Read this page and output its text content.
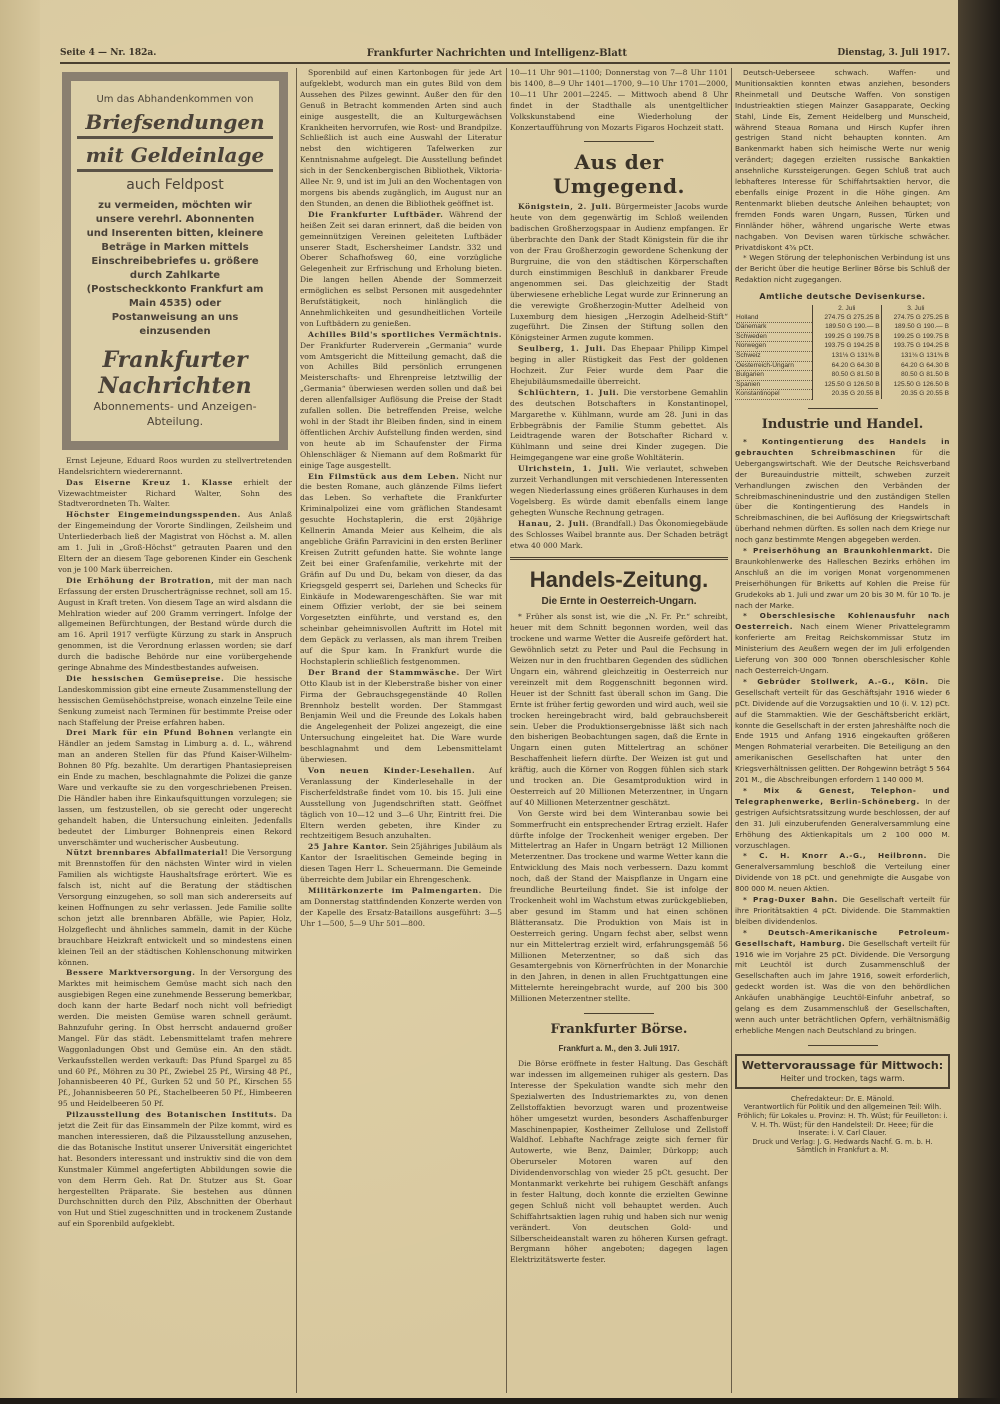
Seite 4 — Nr. 182a.	Frankfurter Nachrichten und Intelligenz-Blatt	Dienstag, 3. Juli 1917.
Um das Abhandenkommen von
Briefsendungen
mit Geldeinlage
auch Feldpost
zu vermeiden, möchten wir unsere verehrl. Abonnenten und Inserenten bitten, kleinere Beträge in Marken mittels Einschreibebriefes u. größere durch Zahlkarte (Postscheckkonto Frankfurt am Main 4535) oder Postanweisung an uns einzusenden
Frankfurter Nachrichten
Abonnements- und Anzeigen-Abteilung.

Ernst Lejeune, Eduard Roos wurden zu stellvertretenden Handelsrichtern wiederernannt.

Das Eiserne Kreuz 1. Klasse erhielt der Vizewachtmeister Richard Walter, Sohn des Stadtverordneten Th. Walter.

Höchster Eingemeindungsspenden. Aus Anlaß der Eingemeindung der Vororte Sindlingen, Zeilsheim und Unterliederbach ließ der Magistrat von Höchst a. M. allen am 1. Juli in „Groß-Höchst“ getrauten Paaren und den Eltern der an diesem Tage geborenen Kinder ein Geschenk von je 100 Mark überreichen.

Die Erhöhung der Brotration, mit der man nach Erfassung der ersten Druscherträgnisse rechnet, soll am 15. August in Kraft treten. Von diesem Tage an wird alsdann die Mehlration wieder auf 200 Gramm verringert. Infolge der allgemeinen Befürchtungen, der Bestand würde durch die am 16. April 1917 verfügte Kürzung zu stark in Anspruch genommen, ist die Verordnung erlassen worden; sie darf durch die badische Behörde nur eine vorübergehende geringe Abnahme des Mindestbestandes aufweisen.

Die hessischen Gemüsepreise. Die hessische Landeskommission gibt eine erneute Zusammenstellung der hessischen Gemüsehöchstpreise, wonach einzelne Teile eine Senkung zumeist nach Terminen für bestimmte Preise oder nach Staffelung der Preise erfahren haben.

Drei Mark für ein Pfund Bohnen verlangte ein Händler an jedem Samstag in Limburg a. d. L., während man an anderen Stellen für das Pfund Kaiser-Wilhelm-Bohnen 80 Pfg. bezahlte. Um derartigen Phantasiepreisen ein Ende zu machen, beschlagnahmte die Polizei die ganze Ware und verkaufte sie zu den vorgeschriebenen Preisen. Die Händler haben ihre Einkaufsquittungen vorzulegen; sie lassen, um festzustellen, ob sie gerecht oder ungerecht gehandelt haben, die Untersuchung einleiten. Jedenfalls bedeutet der Limburger Bohnenpreis einen Rekord unverschämter und wucherischer Ausbeutung.

Nützt brennbares Abfallmaterial! Die Versorgung mit Brennstoffen für den nächsten Winter wird in vielen Familien als wichtigste Haushaltsfrage erörtert. Wie es falsch ist, nicht auf die Beratung der städtischen Versorgung einzugehen, so soll man sich andererseits auf keinen Hoffnungen zu sehr verlassen. Jede Familie sollte schon jetzt alle brennbaren Abfälle, wie Papier, Holz, Holzgeflecht und ähnliches sammeln, damit in der Küche brauchbare Heizkraft entwickelt und so mindestens einen kleinen Teil an der städtischen Kohlenschonung mitwirken können.

Bessere Marktversorgung. In der Versorgung des Marktes mit heimischem Gemüse macht sich nach den ausgiebigen Regen eine zunehmende Besserung bemerkbar, doch kann der harte Bedarf noch nicht voll befriedigt werden. Die meisten Gemüse waren schnell geräumt. Bahnzufuhr gering. In Obst herrscht andauernd großer Mangel. Für das städt. Lebensmittelamt trafen mehrere Waggonladungen Obst und Gemüse ein. An den städt. Verkaufsstellen werden verkauft: Das Pfund Spargel zu 85 und 60 Pf., Möhren zu 30 Pf., Zwiebel 25 Pf., Wirsing 48 Pf., Johannisbeeren 40 Pf., Gurken 52 und 50 Pf., Kirschen 55 Pf., Johannisbeeren 50 Pf., Stachelbeeren 50 Pf., Himbeeren 95 und Heidelbeeren 50 Pf.

Pilzausstellung des Botanischen Instituts. Da jetzt die Zeit für das Einsammeln der Pilze kommt, wird es manchen interessieren, daß die Pilzausstellung anzusehen, die das Botanische Institut unserer Universität eingerichtet hat. Besonders interessant und instruktiv sind die von dem Kunstmaler Kümmel angefertigten Abbildungen sowie die von dem Herrn Geh. Rat Dr. Stutzer aus St. Goar hergestellten Präparate. Sie bestehen aus dünnen Durchschnitten durch den Pilz, Abschnitten der Oberhaut von Hut und Stiel zugeschnitten und in trockenem Zustande auf ein Sporenbild aufgeklebt.

Sporenbild auf einen Kartonbogen für jede Art aufgeklebt, wodurch man ein gutes Bild von dem Aussehen des Pilzes gewinnt. Außer den für den Genuß in Betracht kommenden Arten sind auch einige ausgestellt, die an Kulturgewächsen Krankheiten hervorrufen, wie Rost- und Brandpilze. Schließlich ist auch eine Auswahl der Literatur nebst den wichtigeren Tafelwerken zur Kenntnisnahme aufgelegt. Die Ausstellung befindet sich in der Senckenbergischen Bibliothek, Viktoria-Allee Nr. 9, und ist im Juli an den Wochentagen von morgens bis abends zugänglich, im August nur an den Stunden, an denen die Bibliothek geöffnet ist.

Die Frankfurter Luftbäder. Während der heißen Zeit sei daran erinnert, daß die beiden von gemeinnützigen Vereinen geleiteten Luftbäder unserer Stadt, Eschersheimer Landstr. 332 und Oberer Schafhofsweg 60, eine vorzügliche Gelegenheit zur Erfrischung und Erholung bieten. Die langen hellen Abende der Sommerzeit ermöglichen es selbst Personen mit ausgedehnter Berufstätigkeit, noch hinlänglich die Annehmlichkeiten und gesundheitlichen Vorteile von Luftbädern zu genießen.

Achilles Bild's sportliches Vermächtnis. Der Frankfurter Ruderverein „Germania“ wurde vom Amtsgericht die Mitteilung gemacht, daß die von Achilles Bild persönlich errungenen Meisterschafts- und Ehrenpreise letztwillig der „Germania“ überwiesen werden sollen und daß bei deren allenfallsiger Auflösung die Preise der Stadt zufallen sollen. Die betreffenden Preise, welche wohl in der Stadt ihr Bleiben finden, sind in einem öffentlichen Archiv Aufstellung finden werden, sind von heute ab im Schaufenster der Firma Ohlenschläger & Niemann auf dem Roßmarkt für einige Tage ausgestellt.

Ein Filmstück aus dem Leben. Nicht nur die besten Romane, auch glänzende Films liefert das Leben. So verhaftete die Frankfurter Kriminalpolizei eine vom gräflichen Standesamt gesuchte Hochstaplerin, die erst 20jährige Kellnerin Amanda Meier aus Kelheim, die als angebliche Gräfin Parravicini in den ersten Berliner Kreisen Zutritt gefunden hatte. Sie wohnte lange Zeit bei einer Grafenfamilie, verkehrte mit der Gräfin auf Du und Du, bekam von dieser, da das Kriegsgeld gesperrt sei, Darlehen und Schecks für Einkäufe in Modewarengeschäften. Sie war mit einem Offizier verlobt, der sie bei seinem Vorgesetzten einführte, und verstand es, den scheinbar geheimnisvollen Auftritt im Hotel mit dem Gepäck zu verlassen, als man ihrem Treiben auf die Spur kam. In Frankfurt wurde die Hochstaplerin schließlich festgenommen.

Der Brand der Stammwäsche. Der Wirt Otto Klaub ist in der Kleberstraße bisher von einer Firma der Gebrauchsgegenstände 40 Rollen Brennholz bestellt worden. Der Stammgast Benjamin Weil und die Freunde des Lokals haben die Angelegenheit der Polizei angezeigt, die eine Untersuchung eingeleitet hat. Die Ware wurde beschlagnahmt und dem Lebensmittelamt überwiesen.

Von neuen Kinder-Lesehallen. Auf Veranlassung der Kinderlesehalle in der Fischerfeldstraße findet vom 10. bis 15. Juli eine Ausstellung von Jugendschriften statt. Geöffnet täglich von 10—12 und 3—6 Uhr, Eintritt frei. Die Eltern werden gebeten, ihre Kinder zu rechtzeitigem Besuch anzuhalten.

25 Jahre Kantor. Sein 25jähriges Jubiläum als Kantor der Israelitischen Gemeinde beging in diesen Tagen Herr L. Scheuermann. Die Gemeinde überreichte dem Jubilar ein Ehrengeschenk.

Militärkonzerte im Palmengarten. Die am Donnerstag stattfindenden Konzerte werden von der Kapelle des Ersatz-Bataillons ausgeführt: 3—5 Uhr 1—500, 5—9 Uhr 501—800.

10—11 Uhr 901—1100; Donnerstag von 7—8 Uhr 1101 bis 1400, 8—9 Uhr 1401—1700, 9—10 Uhr 1701—2000, 10—11 Uhr 2001—2245. — Mittwoch abend 8 Uhr findet in der Stadthalle als unentgeltlicher Volkskunstabend eine Wiederholung der Konzertaufführung von Mozarts Figaros Hochzeit statt.

Aus der Umgegend.

Königstein, 2. Juli. Bürgermeister Jacobs wurde heute von dem gegenwärtig im Schloß weilenden badischen Großherzogspaar in Audienz empfangen. Er überbrachte den Dank der Stadt Königstein für die ihr von der Frau Großherzogin gewordene Schenkung der Burgruine, die von den städtischen Körperschaften durch einstimmigen Beschluß in dankbarer Freude angenommen sei. Das gleichzeitig der Stadt überwiesene erhebliche Legat wurde zur Erinnerung an die verewigte Großherzogin-Mutter Adelheid von Luxemburg dem hiesigen „Herzogin Adelheid-Stift“ zugeführt. Die Zinsen der Stiftung sollen den Königsteiner Armen zugute kommen.

Seulberg, 1. Juli. Das Ehepaar Philipp Kimpel beging in aller Rüstigkeit das Fest der goldenen Hochzeit. Zur Feier wurde dem Paar die Ehejubiläumsmedaille überreicht.

Schlüchtern, 1. Juli. Die verstorbene Gemahlin des deutschen Botschafters in Konstantinopel, Margarethe v. Kühlmann, wurde am 28. Juni in das Erbbegräbnis der Familie Stumm gebettet. Als Leidtragende waren der Botschafter Richard v. Kühlmann und seine drei Kinder zugegen. Die Heimgegangene war eine große Wohltäterin.

Ulrichstein, 1. Juli. Wie verlautet, schweben zurzeit Verhandlungen mit verschiedenen Interessenten wegen Niederlassung eines größeren Kurhauses in dem Vogelsberg. Es würde damit ebenfalls einem lange gehegten Wunsche Rechnung getragen.

Hanau, 2. Juli. (Brandfall.) Das Ökonomiegebäude des Schlosses Waibel brannte aus. Der Schaden beträgt etwa 40 000 Mark.

Handels-Zeitung.
Die Ernte in Oesterreich-Ungarn.

* Früher als sonst ist, wie die „N. Fr. Pr.“ schreibt, heuer mit dem Schnitt begonnen worden, weil das trockene und warme Wetter die Ausreife gefördert hat. Gewöhnlich setzt zu Peter und Paul die Fechsung in Weizen nur in den fruchtbaren Gegenden des südlichen Ungarn ein, während gleichzeitig in Oesterreich nur vereinzelt mit dem Roggenschnitt begonnen wird. Heuer ist der Schnitt fast überall schon im Gang. Die Ernte ist früher fertig geworden und wird auch, weil sie trocken hereingebracht wird, bald gebrauchsbereit sein. Ueber die Produktionsergebnisse läßt sich nach den bisherigen Beobachtungen sagen, daß die Ernte in Ungarn einen guten Mittelertrag an schöner Beschaffenheit liefern dürfte. Der Weizen ist gut und kräftig, auch die Körner von Roggen fühlen sich stark und trocken an. Die Gesamtproduktion wird in Oesterreich auf 20 Millionen Meterzentner, in Ungarn auf 40 Millionen Meterzentner geschätzt.

Von Gerste wird bei dem Winteranbau sowie bei Sommerfrucht ein entsprechender Ertrag erzielt. Hafer dürfte infolge der Trockenheit weniger ergeben. Der Mittelertrag an Hafer in Ungarn beträgt 12 Millionen Meterzentner. Das trockene und warme Wetter kann die Entwicklung des Mais noch verbessern. Dazu kommt noch, daß der Stand der Maispflanze in Ungarn eine freundliche Beurteilung findet. Sie ist infolge der Trockenheit wohl im Wachstum etwas zurückgeblieben, aber gesund im Stamm und hat einen schönen Blätteransatz. Die Produktion von Mais ist in Oesterreich gering. Ungarn fechst aber, selbst wenn nur ein Mittelertrag erzielt wird, erfahrungsgemäß 56 Millionen Meterzentner, so daß sich das Gesamtergebnis von Körnerfrüchten in der Monarchie in den Jahren, in denen in allen Fruchtgattungen eine Mittelernte hereingebracht wurde, auf 200 bis 300 Millionen Meterzentner stellte.

Frankfurter Börse.
Frankfurt a. M., den 3. Juli 1917.

Die Börse eröffnete in fester Haltung. Das Geschäft war indessen im allgemeinen ruhiger als gestern. Das Interesse der Spekulation wandte sich mehr den Spezialwerten des Industriemarktes zu, von denen Zellstoffaktien bevorzugt waren und prozentweise höher umgesetzt wurden, besonders Aschaffenburger Maschinenpapier, Kostheimer Zellulose und Zellstoff Waldhof. Lebhafte Nachfrage zeigte sich ferner für Autowerte, wie Benz, Daimler, Dürkopp; auch Oberurseler Motoren waren auf den Dividendenvorschlag von wieder 25 pCt. gesucht. Der Montanmarkt verkehrte bei ruhigem Geschäft anfangs in fester Haltung, doch konnte die erzielten Gewinne gegen Schluß nicht voll behauptet werden. Auch Schiffahrtsaktien lagen ruhig und haben sich nur wenig verändert. Von deutschen Gold- und Silberscheideanstalt waren zu höheren Kursen gefragt. Bergmann höher angeboten; dagegen lagen Elektrizitätswerte fester.

Deutsch-Ueberseee schwach. Waffen- und Munitionsaktien konnten etwas anziehen, besonders Rheinmetall und Deutsche Waffen. Von sonstigen Industrieaktien stiegen Mainzer Gasapparate, Oecking Stahl, Linde Eis, Zement Heidelberg und Munscheid, während Steaua Romana und Hirsch Kupfer ihren gestrigen Stand nicht behaupten konnten. Am Bankenmarkt haben sich heimische Werte nur wenig verändert; dagegen erzielten russische Bankaktien ansehnliche Kurssteigerungen. Gegen Schluß trat auch lebhafteres Interesse für Schiffahrtsaktien hervor, die ebenfalls einige Prozent in die Höhe gingen. Am Rentenmarkt blieben deutsche Anleihen behauptet; von fremden Fonds waren Ungarn, Russen, Türken und Finnländer höher, während ungarische Werte etwas nachgaben. Von Devisen waren türkische schwächer. Privatdiskont 4⅝ pCt.

* Wegen Störung der telephonischen Verbindung ist uns der Bericht über die heutige Berliner Börse bis Schluß der Redaktion nicht zugegangen.

Amtliche deutsche Devisenkurse.
	2. Juli	3. Juli
Holland	274.75 G 275.25 B	274.75 G 275.25 B
Dänemark	189.50 G 190.— B	189.50 G 190.— B
Schweden	199.25 G 199.75 B	199.25 G 199.75 B
Norwegen	193.75 G 194.25 B	193.75 G 194.25 B
Schweiz	131⅛ G 131⅜ B	131⅛ G 131⅜ B
Oesterreich-Ungarn	64.20 G 64.30 B	64.20 G 64.30 B
Bulgarien	80.50 G 81.50 B	80.50 G 81.50 B
Spanien	125.50 G 126.50 B	125.50 G 126.50 B
Konstantinopel	20.35 G 20.55 B	20.35 G 20.55 B
Industrie und Handel.

* Kontingentierung des Handels in gebrauchten Schreibmaschinen für die Uebergangswirtschaft. Wie der Deutsche Reichsverband der Bureauindustrie mitteilt, schweben zurzeit Verhandlungen zwischen den Verbänden der Schreibmaschinenindustrie und den zuständigen Stellen über die Kontingentierung des Handels in Schreibmaschinen, die bei Auflösung der Kriegswirtschaft überhand nehmen dürften. Es sollen nach dem Kriege nur noch ganz bestimmte Mengen abgegeben werden.

* Preiserhöhung an Braunkohlenmarkt. Die Braunkohlenwerke des Halleschen Bezirks erhöhen im Anschluß an die im vorigen Monat vorgenommenen Preiserhöhungen für Briketts auf Kohlen die Preise für Grudekoks ab 1. Juli und zwar um 20 bis 30 M. für 10 To. je nach der Marke.

* Oberschlesische Kohlenausfuhr nach Oesterreich. Nach einem Wiener Privattelegramm konferierte am Freitag Reichskommissar Stutz im Ministerium des Aeußern wegen der im Juli erfolgenden Lieferung von 300 000 Tonnen oberschlesischer Kohle nach Oesterreich-Ungarn.

* Gebrüder Stollwerk, A.-G., Köln. Die Gesellschaft verteilt für das Geschäftsjahr 1916 wieder 6 pCt. Dividende auf die Vorzugsaktien und 10 (i. V. 12) pCt. auf die Stammaktien. Wie der Geschäftsbericht erklärt, konnte die Gesellschaft in der ersten Jahreshälfte noch die Ende 1915 und Anfang 1916 eingekauften größeren Mengen Rohmaterial verarbeiten. Die Beteiligung an den amerikanischen Gesellschaften hat unter den Kriegsverhältnissen gelitten. Der Rohgewinn beträgt 5 564 201 M., die Abschreibungen erfordern 1 140 000 M.

* Mix & Genest, Telephon- und Telegraphenwerke, Berlin-Schöneberg. In der gestrigen Aufsichtsratssitzung wurde beschlossen, der auf den 31. Juli einzuberufenden Generalversammlung eine Erhöhung des Aktienkapitals um 2 100 000 M. vorzuschlagen.

* C. H. Knorr A.-G., Heilbronn. Die Generalversammlung beschloß die Verteilung einer Dividende von 18 pCt. und genehmigte die Ausgabe von 800 000 M. neuen Aktien.

* Prag-Duxer Bahn. Die Gesellschaft verteilt für ihre Prioritätsaktien 4 pCt. Dividende. Die Stammaktien bleiben dividendenlos.

* Deutsch-Amerikanische Petroleum-Gesellschaft, Hamburg. Die Gesellschaft verteilt für 1916 wie im Vorjahre 25 pCt. Dividende. Die Versorgung mit Leuchtöl ist durch Zusammenschluß der Gesellschaften auch im Jahre 1916, soweit erforderlich, gedeckt worden ist. Was die von den behördlichen Ankäufen unabhängige Leuchtöl-Einfuhr anbetraf, so gelang es dem Zusammenschluß der Gesellschaften, wenn auch unter beträchtlichen Opfern, verhältnismäßig erhebliche Mengen nach Deutschland zu bringen.

Wettervoraussage für Mittwoch:
Heiter und trocken, tags warm.
Chefredakteur: Dr. E. Mänold.
Verantwortlich für Politik und den allgemeinen Teil: Wilh. Fröhlich; für Lokales u. Provinz: H. Th. Wüst; für Feuilleton: i. V. H. Th. Wüst; für den Handelsteil: Dr. Heee; für die Inserate: i. V. Carl Clauer.
Druck und Verlag: J. G. Hedwards Nachf. G. m. b. H.
Sämtlich in Frankfurt a. M.
